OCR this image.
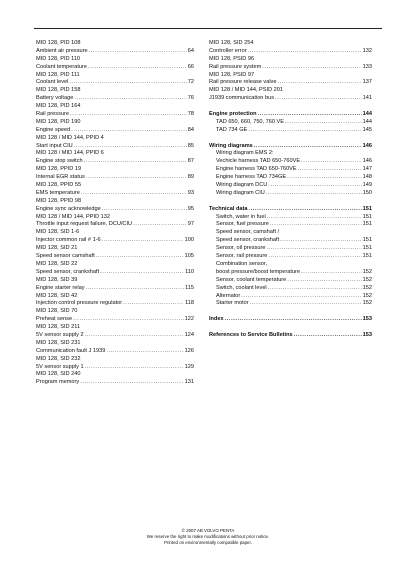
MID 128, PID 108
Ambient air pressure .....	64
MID 128, PID 110
Coolant temperature .....	66
MID 128, PID 111
Coolant level .....	72
MID 128, PID 158
Battery voltage .....	76
MID 128, PID 164
Rail pressure .....	78
MID 128, PID 190
Engine speed .....	84
MID 128 / MID 144, PPID 4
Start input CIU .....	85
MID 128 / MID 144, PPID 6
Engine stop switch .....	87
MID 128, PPID 19
Internal EGR status .....	89
MID 128, PPID 55
EMS temperature .....	93
MID 128, PPID 98
Engine sync acknowledge .....	95
MID 128 / MID 144, PPID 132
Throttle input request failure, DCU/CIU .....	97
MID 128, SID 1-6
Injector common rail # 1-6 .....	100
MID 128, SID 21
Speed sensor camshaft .....	105
MID 128, SID 22
Speed sensor, crankshaft .....	110
MID 128, SID 39
Engine starter relay .....	115
MID 128, SID 42
Injection control pressure regulator .....	118
MID 128, SID 70
Preheat sense .....	122
MID 128, SID 211
5V sensor supply 2 .....	124
MID 128, SID 231
Communication fault J 1939 .....	126
MID 128, SID 232
5V sensor supply 1 .....	129
MID 128, SID 240
Program memory .....	131
MID 128, SID 254
Controller error .....	132
MID 128, PSID 96
Rail pressure system .....	133
MID 128, PSID 97
Rail pressure release valve .....	137
MID 128 / MID 144, PSID 201
J1939 communication bus .....	141
Engine protection .....	144
TAD 650, 660, 750, 760 VE .....	144
TAD 734 GE .....	145
Wiring diagrams .....	146
Wiring diagram EMS 2:
Vechicle harness TAD 650-760VE .....	146
Engine harness TAD 650-760VE .....	147
Engine harness TAD 734GE .....	148
Wiring diagram DCU .....	149
Wiring diagram CIU .....	150
Technical data .....	151
Switch, water in fuel .....	151
Sensor, fuel pressure .....	151
Speed sensor, camshaft /
Speed sensor, crankshaft .....	151
Sensor, oil pressure .....	151
Sensor, rail pressure .....	151
Combination sensor,
boost pressure/boost temperature .....	152
Sensor, coolant temperature .....	152
Switch, coolant level .....	152
Alternator .....	152
Starter motor .....	152
Index .....	153
References to Service Bulletins .....	153
© 2007 AB VOLVO PENTA
We reserve the right to make modifications without prior notice.
Printed on environmentally compatible paper.
